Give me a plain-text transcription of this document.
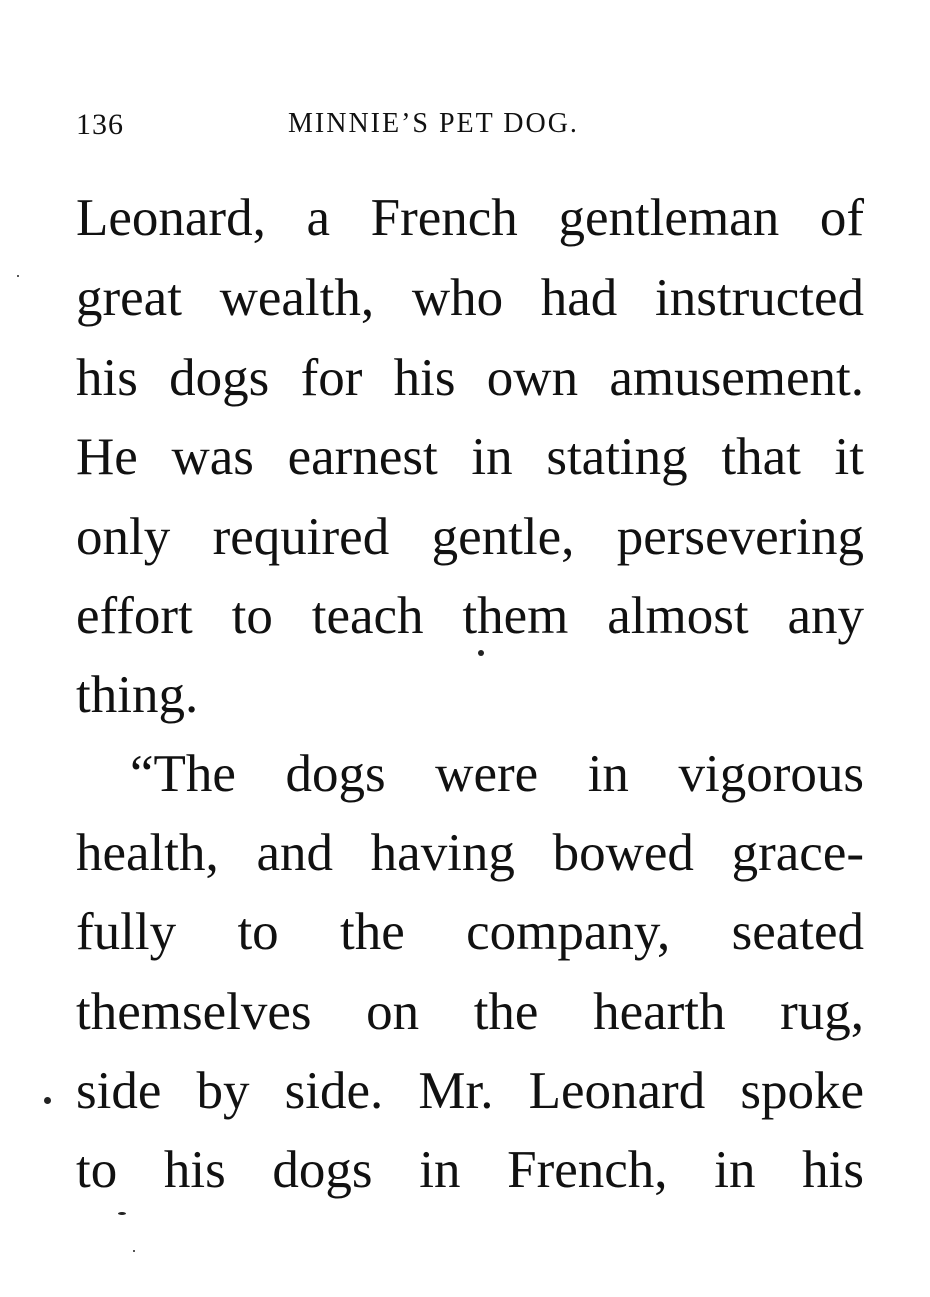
136	MINNIE’S PET DOG.
Leonard, a French gentleman of
great wealth, who had instructed
his dogs for his own amusement.
He was earnest in stating that it
only required gentle, persevering
effort to teach them almost any
thing.
“The dogs were in vigorous
health, and having bowed grace-
fully to the company, seated
themselves on the hearth rug,
side by side. Mr. Leonard spoke
to his dogs in French, in his
